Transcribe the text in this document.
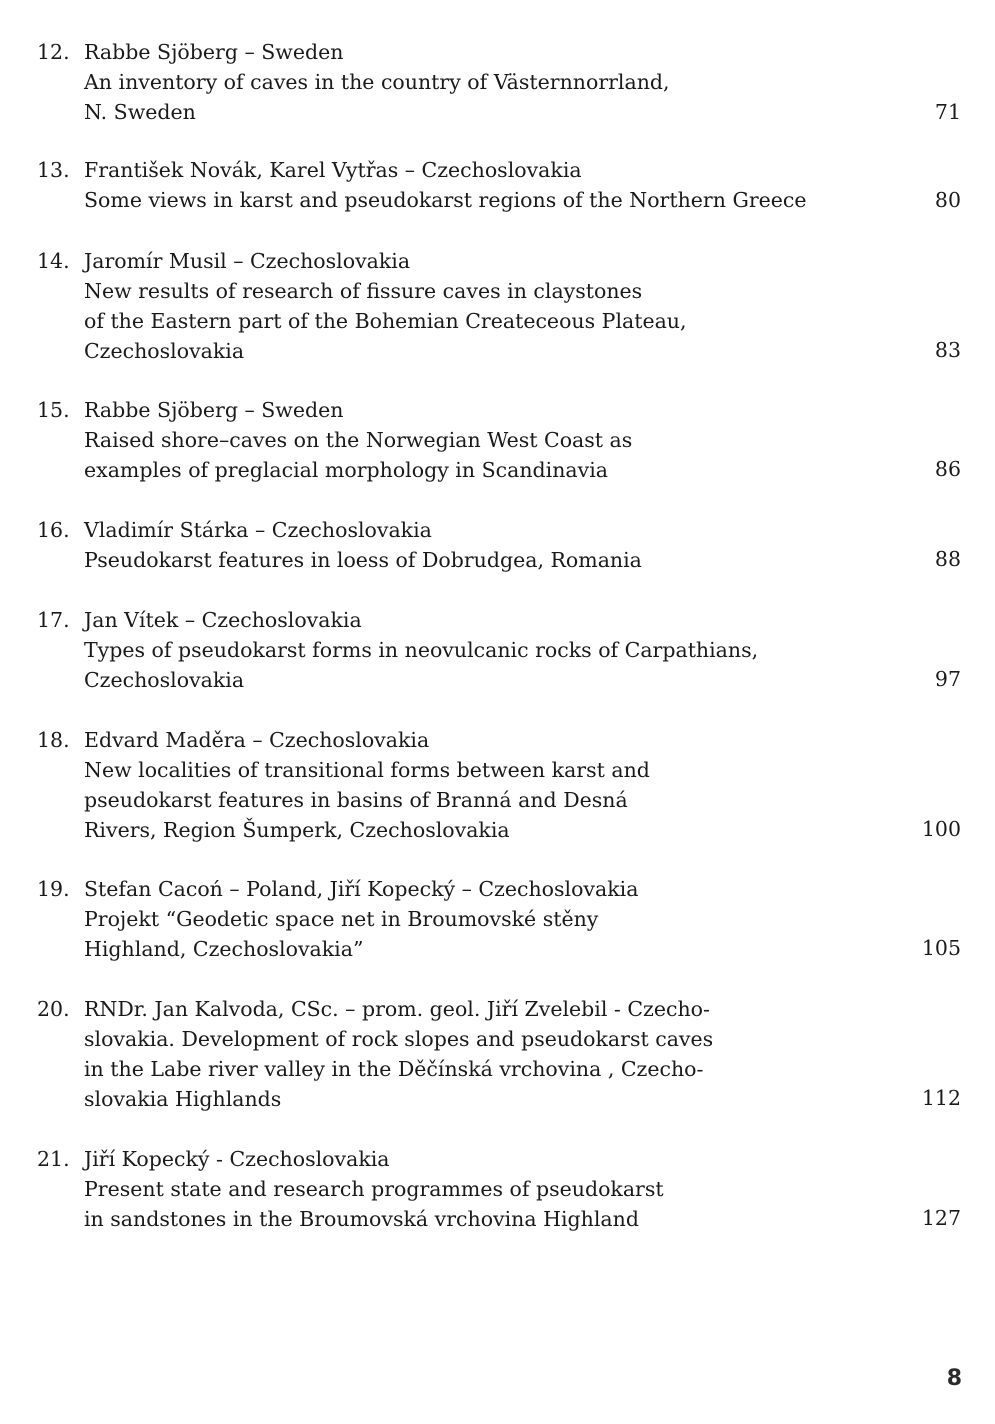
12. Rabbe Sjöberg – Sweden
An inventory of caves in the country of Västernnorrland,
N. Sweden	71
13. František Novák, Karel Vytřas – Czechoslovakia
Some views in karst and pseudokarst regions of the Northern Greece	80
14. Jaromír Musil – Czechoslovakia
New results of research of fissure caves in claystones
of the Eastern part of the Bohemian Createceous Plateau,
Czechoslovakia	83
15. Rabbe Sjöberg – Sweden
Raised shore–caves on the Norwegian West Coast as
examples of preglacial morphology in Scandinavia	86
16. Vladimír Stárka – Czechoslovakia
Pseudokarst features in loess of Dobrudgea, Romania	88
17. Jan Vítek – Czechoslovakia
Types of pseudokarst forms in neovulcanic rocks of Carpathians,
Czechoslovakia	97
18. Edvard Maděra – Czechoslovakia
New localities of transitional forms between karst and
pseudokarst features in basins of Branná and Desná
Rivers, Region Šumperk, Czechoslovakia	100
19. Stefan Cacoń – Poland, Jiří Kopecký – Czechoslovakia
Projekt “Geodetic space net in Broumovské stěny
Highland, Czechoslovakia”	105
20. RNDr. Jan Kalvoda, CSc. – prom. geol. Jiří Zvelebil - Czecho-
slovakia. Development of rock slopes and pseudokarst caves
in the Labe river valley in the Děčínská vrchovina , Czecho-
slovakia Highlands	112
21. Jiří Kopecký - Czechoslovakia
Present state and research programmes of pseudokarst
in sandstones in the Broumovská vrchovina Highland	127
8
